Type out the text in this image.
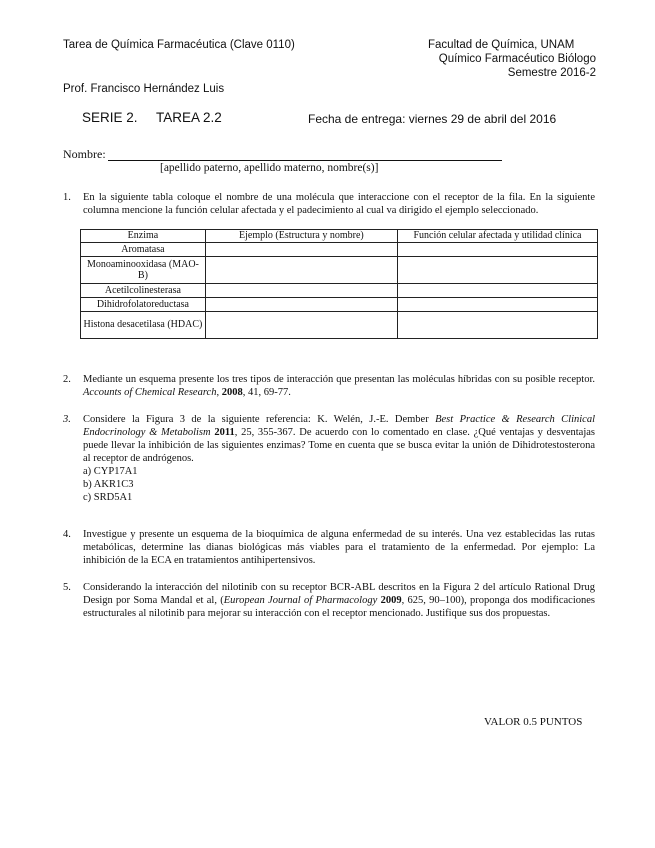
Tarea de Química Farmacéutica (Clave 0110)	Facultad de Química, UNAM
Químico Farmacéutico Biólogo
Semestre 2016-2
Prof. Francisco Hernández Luis
SERIE 2. TAREA 2.2	Fecha de entrega: viernes 29 de abril del 2016
Nombre:
[apellido paterno, apellido materno, nombre(s)]
1. En la siguiente tabla coloque el nombre de una molécula que interaccione con el receptor de la fila. En la siguiente columna mencione la función celular afectada y el padecimiento al cual va dirigido el ejemplo seleccionado.
Enzima	Ejemplo (Estructura y nombre)	Función celular afectada y utilidad clínica
Aromatasa		
Monoaminooxidasa (MAO-B)		
Acetilcolinesterasa		
Dihidrofolatoreductasa		
Histona desacetilasa (HDAC)		
2. Mediante un esquema presente los tres tipos de interacción que presentan las moléculas híbridas con su posible receptor. Accounts of Chemical Research, 2008, 41, 69-77.
3. Considere la Figura 3 de la siguiente referencia: K. Welén, J.-E. Dember Best Practice & Research Clinical Endocrinology & Metabolism 2011, 25, 355-367. De acuerdo con lo comentado en clase. ¿Qué ventajas y desventajas puede llevar la inhibición de las siguientes enzimas? Tome en cuenta que se busca evitar la unión de Dihidrotestosterona al receptor de andrógenos.
a) CYP17A1
b) AKR1C3
c) SRD5A1
4. Investigue y presente un esquema de la bioquímica de alguna enfermedad de su interés. Una vez establecidas las rutas metabólicas, determine las dianas biológicas más viables para el tratamiento de la enfermedad. Por ejemplo: La inhibición de la ECA en tratamientos antihipertensivos.
5. Considerando la interacción del nilotinib con su receptor BCR-ABL descritos en la Figura 2 del artículo Rational Drug Design por Soma Mandal et al, (European Journal of Pharmacology 2009, 625, 90–100), proponga dos modificaciones estructurales al nilotinib para mejorar su interacción con el receptor mencionado. Justifique sus dos propuestas.
VALOR 0.5 PUNTOS
